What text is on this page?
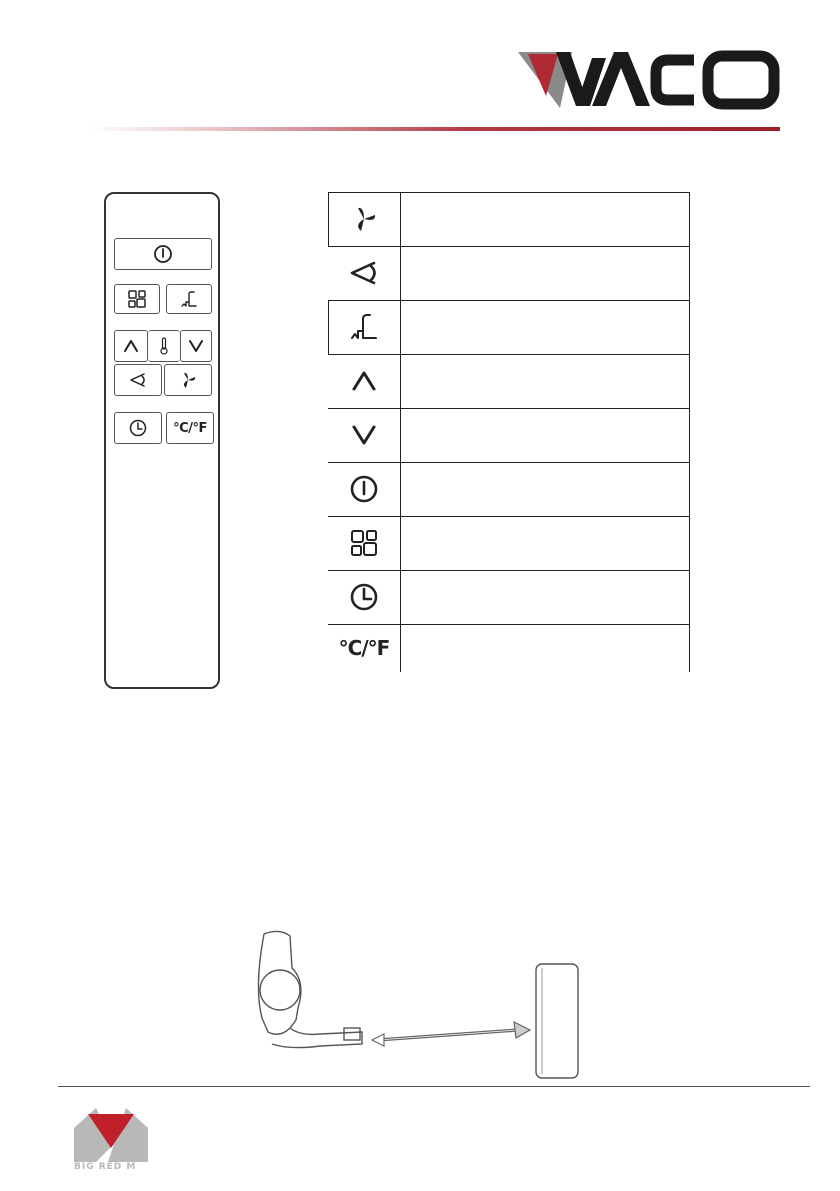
°C/°F
°C/°F
BIG RED M
